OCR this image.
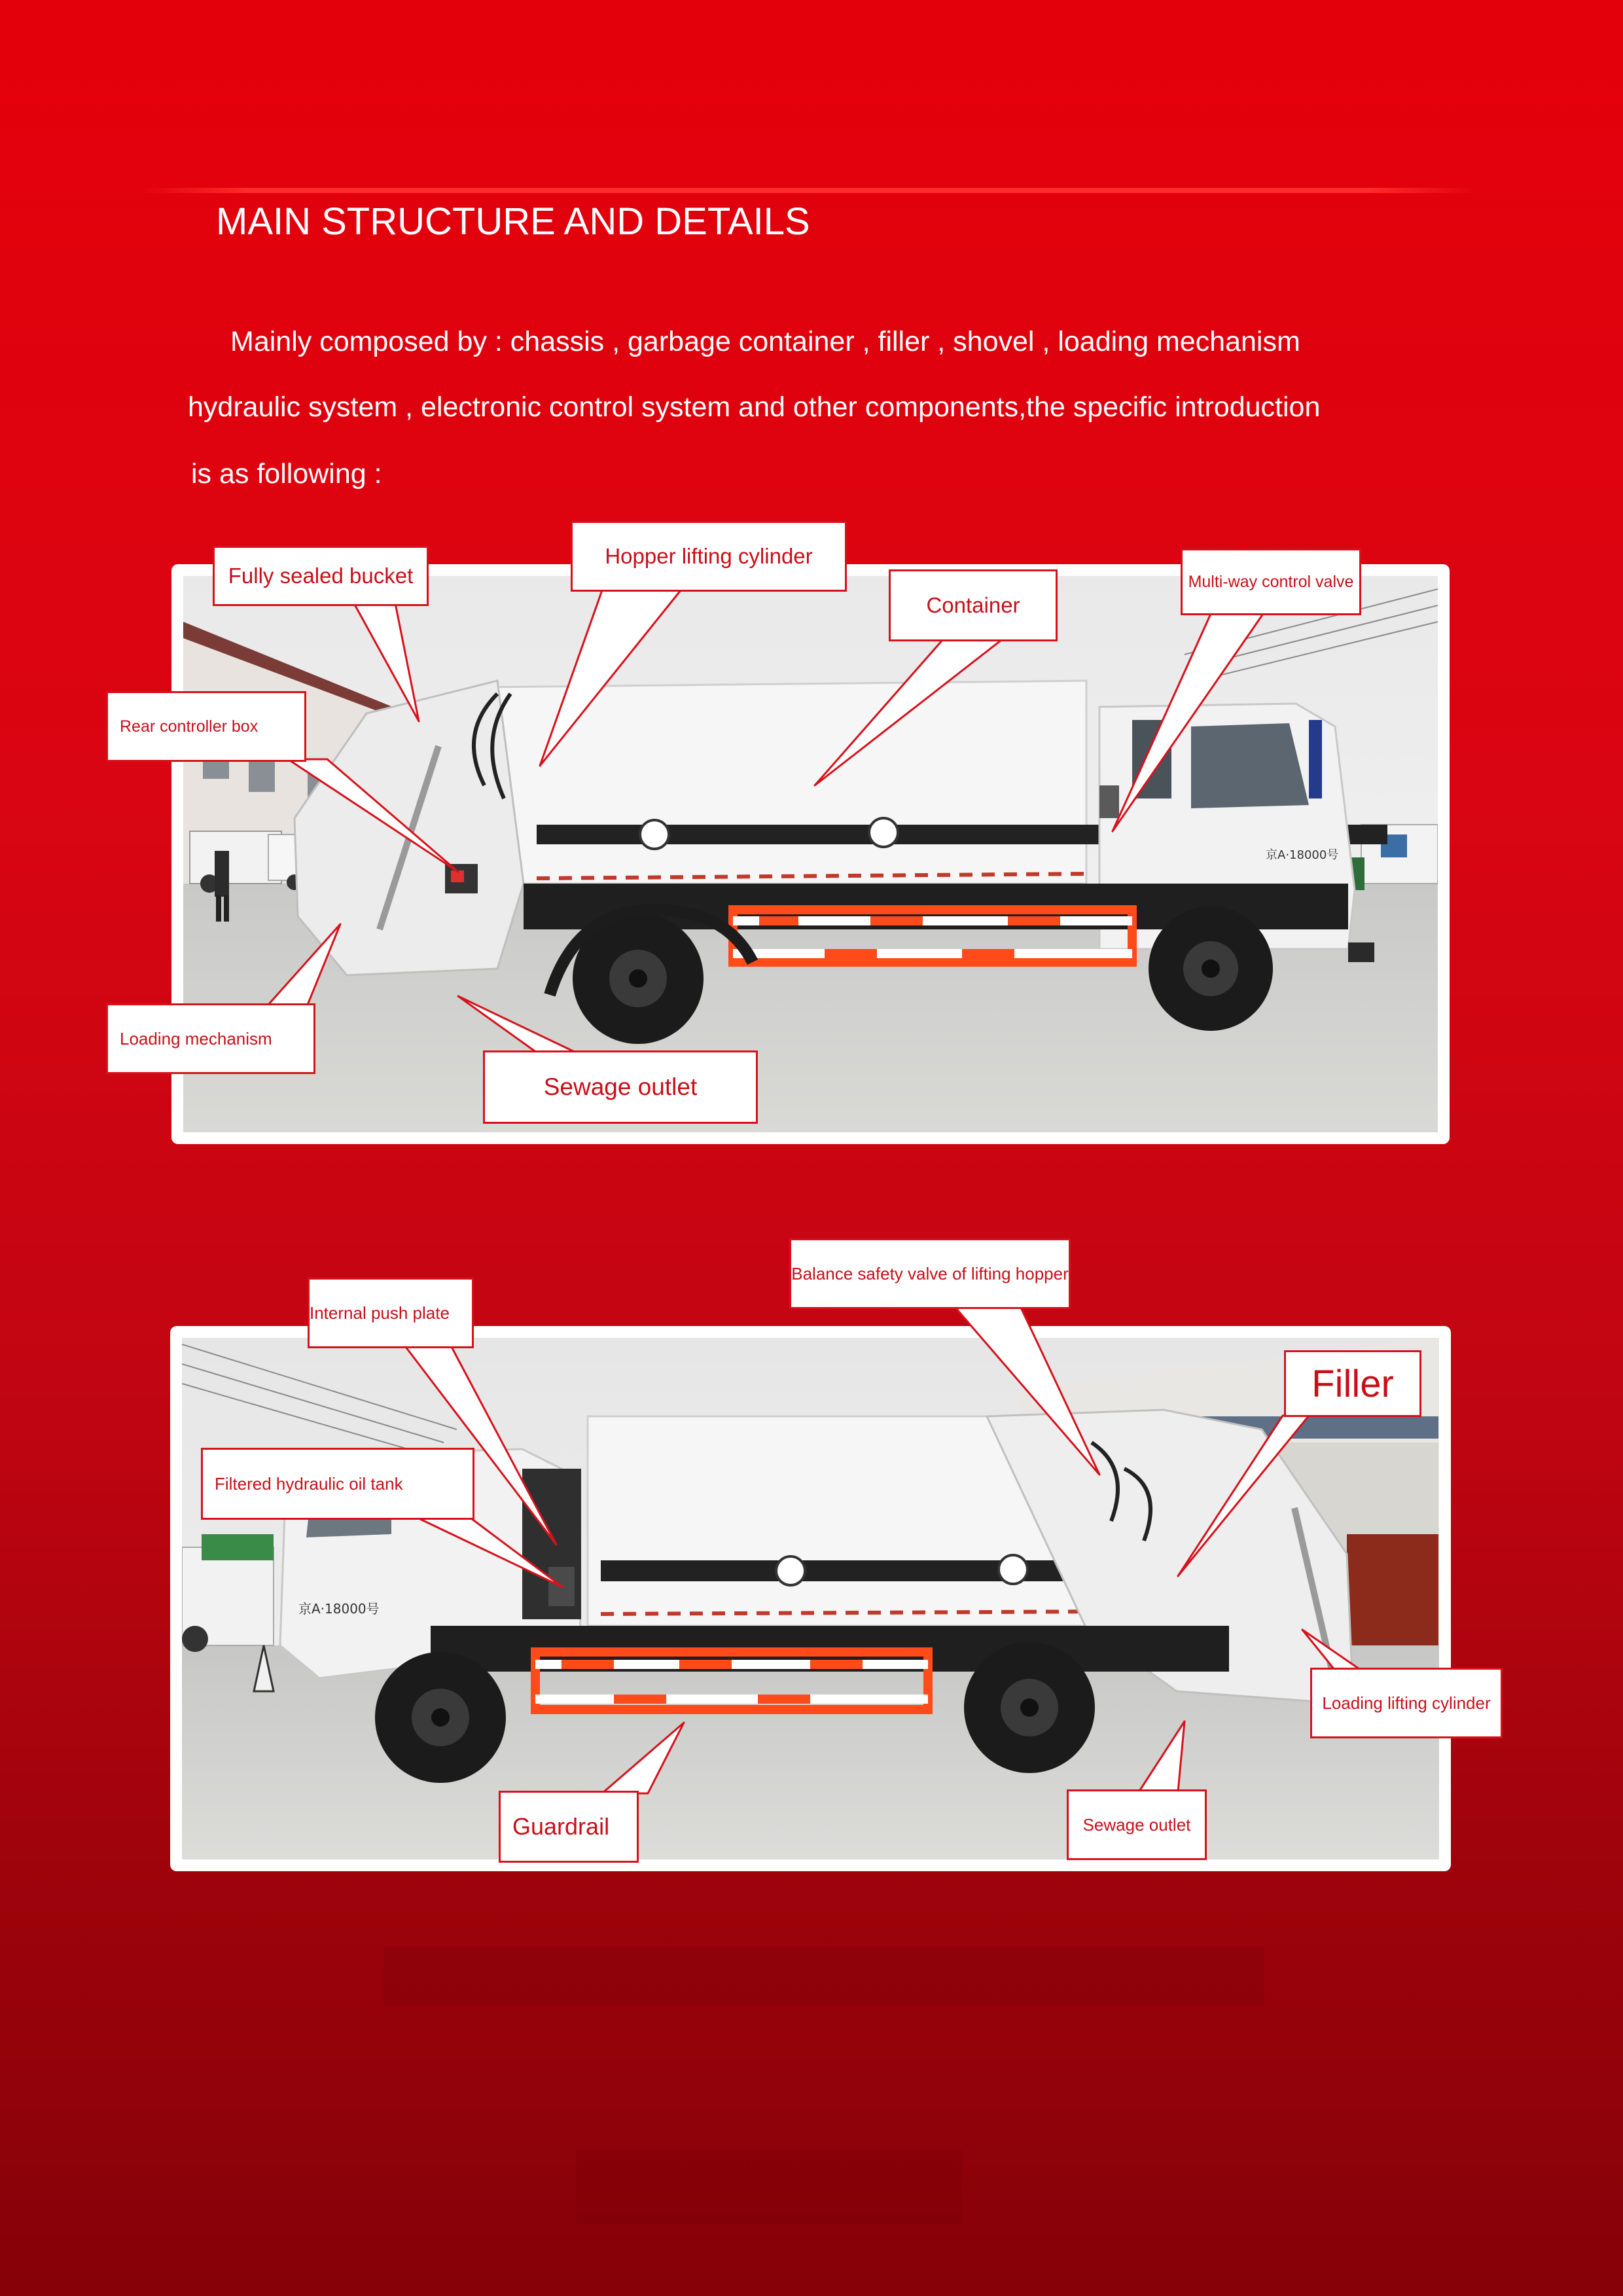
MAIN STRUCTURE AND DETAILS
Mainly composed by : chassis , garbage container , filler , shovel , loading mechanism
hydraulic system , electronic control system and other components,the specific introduction
is as following :
京A·18000号
京A·18000号
Fully sealed bucket
Hopper lifting cylinder
Container
Multi-way control valve
Rear controller box
Loading mechanism
Sewage outlet
Internal push plate
Balance safety valve of lifting hopper
Filler
Filtered hydraulic oil tank
Loading lifting cylinder
Guardrail	Sewage outlet
